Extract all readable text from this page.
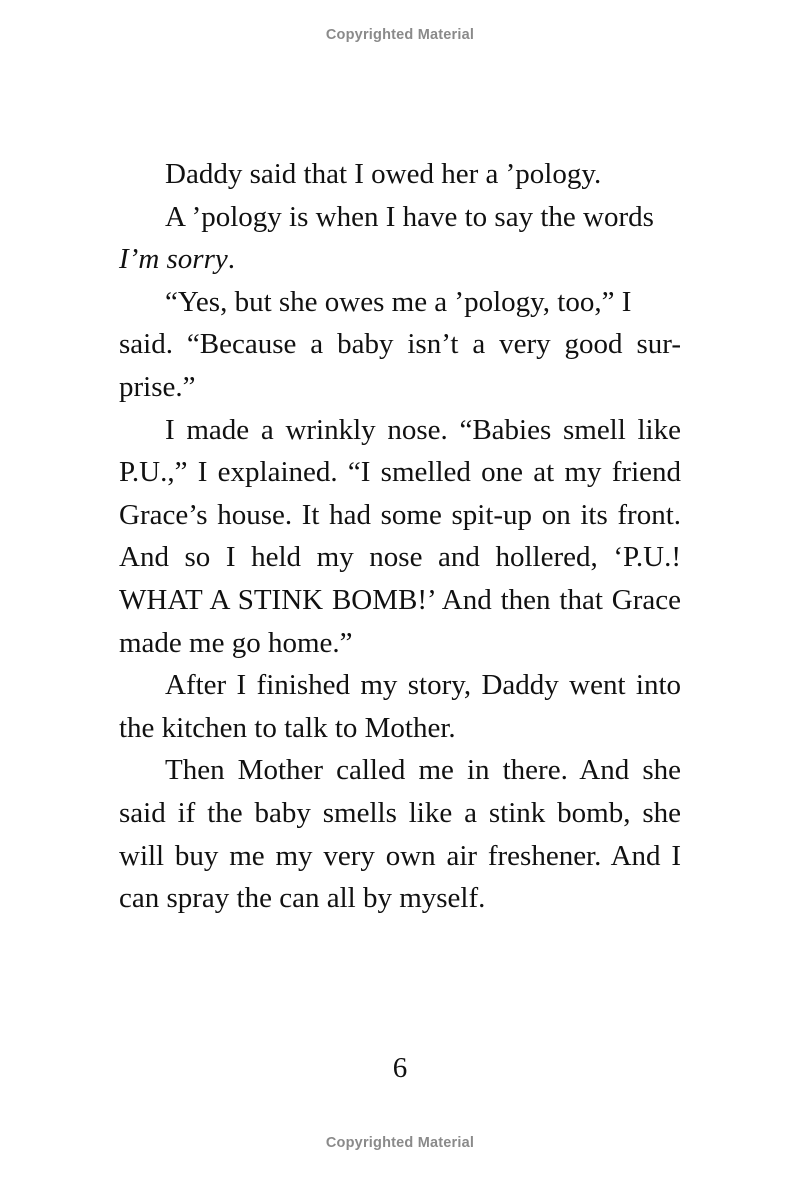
Copyrighted Material

Daddy said that I owed her a ’pology.

A ’pology is when I have to say the words I’m sorry.

“Yes, but she owes me a ’pology, too,” I
said. “Because a baby isn’t a very good sur-
prise.”

I made a wrinkly nose. “Babies smell like P.U.,” I explained. “I smelled one at my friend Grace’s house. It had some spit-up on its front. And so I held my nose and hollered, ‘P.U.! WHAT A STINK BOMB!’ And then that Grace made me go home.”

After I finished my story, Daddy went into the kitchen to talk to Mother.

Then Mother called me in there. And she said if the baby smells like a stink bomb, she will buy me my very own air freshener. And I can spray the can all by myself.

6
Copyrighted Material
